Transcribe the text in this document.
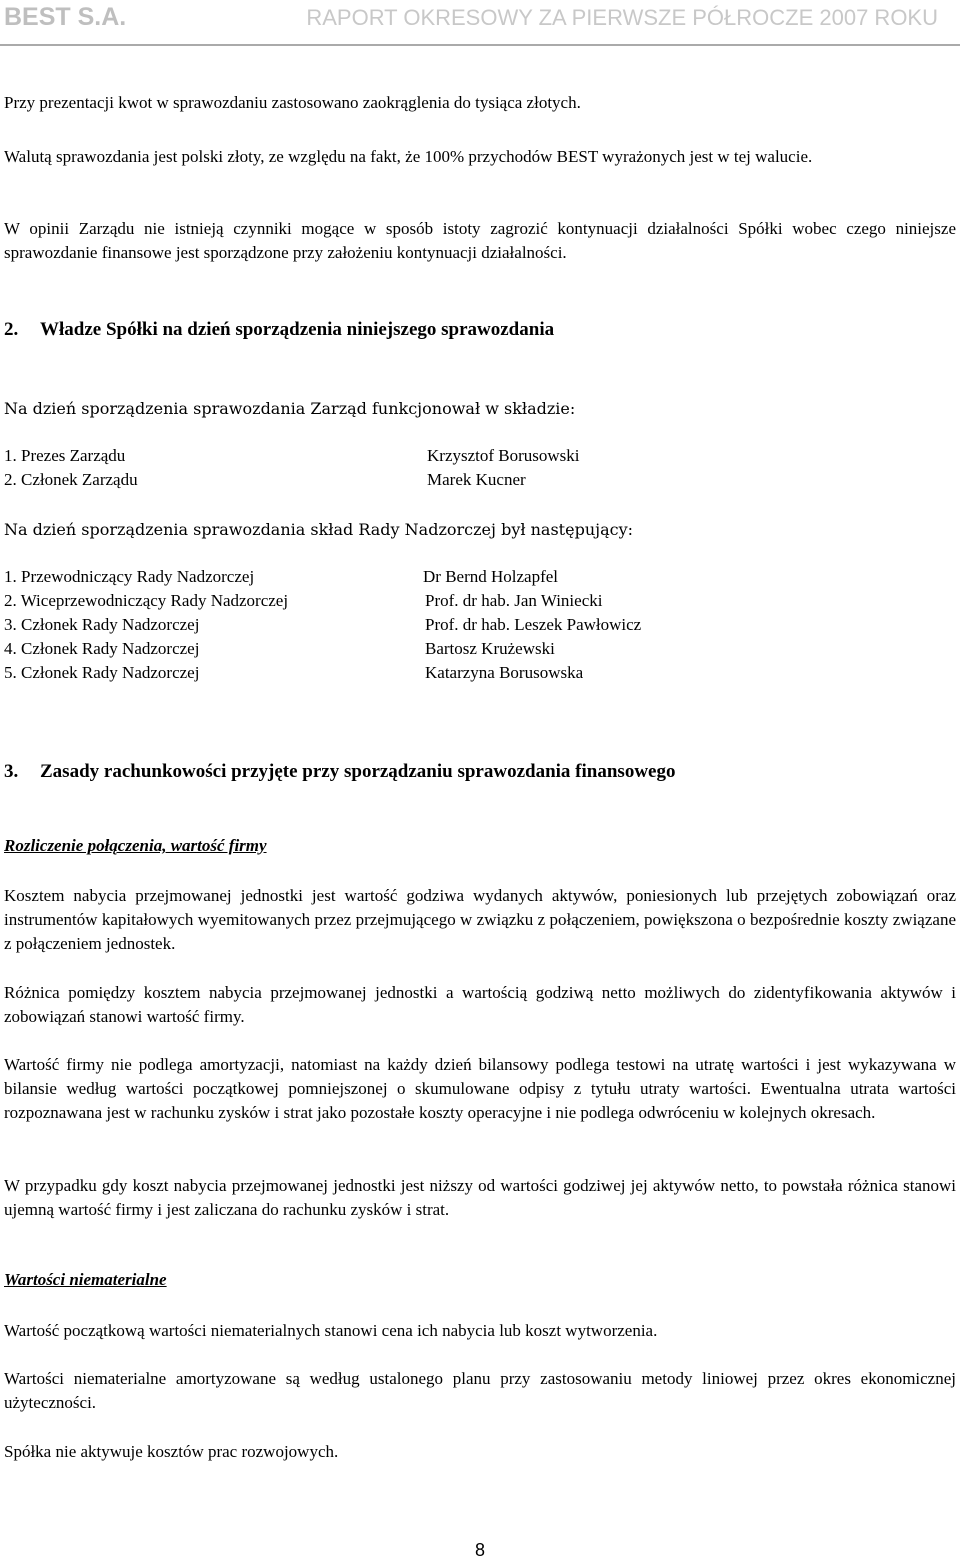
BEST S.A.	RAPORT OKRESOWY ZA PIERWSZE PÓŁROCZE 2007 ROKU

Przy prezentacji kwot w sprawozdaniu zastosowano zaokrąglenia do tysiąca złotych.

Walutą sprawozdania jest polski złoty, ze względu na fakt, że 100% przychodów BEST wyrażonych jest w tej walucie.

W opinii Zarządu nie istnieją czynniki mogące w sposób istoty zagrozić kontynuacji działalności Spółki wobec czego niniejsze sprawozdanie finansowe jest sporządzone przy założeniu kontynuacji działalności.

2. Władze Spółki na dzień sporządzenia niniejszego sprawozdania

Na dzień sporządzenia sprawozdania Zarząd funkcjonował w składzie:

1. Prezes Zarządu	Krzysztof Borusowski
2. Członek Zarządu	Marek Kucner

Na dzień sporządzenia sprawozdania skład Rady Nadzorczej był następujący:

1. Przewodniczący Rady Nadzorczej	Dr Bernd Holzapfel
2. Wiceprzewodniczący Rady Nadzorczej	Prof. dr hab. Jan Winiecki
3. Członek Rady Nadzorczej	Prof. dr hab. Leszek Pawłowicz
4. Członek Rady Nadzorczej	Bartosz Krużewski
5. Członek Rady Nadzorczej	Katarzyna Borusowska
3. Zasady rachunkowości przyjęte przy sporządzaniu sprawozdania finansowego
Rozliczenie połączenia, wartość firmy

Kosztem nabycia przejmowanej jednostki jest wartość godziwa wydanych aktywów, poniesionych lub przejętych zobowiązań oraz instrumentów kapitałowych wyemitowanych przez przejmującego w związku z połączeniem, powiększona o bezpośrednie koszty związane z połączeniem jednostek.

Różnica pomiędzy kosztem nabycia przejmowanej jednostki a wartością godziwą netto możliwych do zidentyfikowania aktywów i zobowiązań stanowi wartość firmy.

Wartość firmy nie podlega amortyzacji, natomiast na każdy dzień bilansowy podlega testowi na utratę wartości i jest wykazywana w bilansie według wartości początkowej pomniejszonej o skumulowane odpisy z tytułu utraty wartości. Ewentualna utrata wartości rozpoznawana jest w rachunku zysków i strat jako pozostałe koszty operacyjne i nie podlega odwróceniu w kolejnych okresach.

W przypadku gdy koszt nabycia przejmowanej jednostki jest niższy od wartości godziwej jej aktywów netto, to powstała różnica stanowi ujemną wartość firmy i jest zaliczana do rachunku zysków i strat.

Wartości niematerialne

Wartość początkową wartości niematerialnych stanowi cena ich nabycia lub koszt wytworzenia.

Wartości niematerialne amortyzowane są według ustalonego planu przy zastosowaniu metody liniowej przez okres ekonomicznej użyteczności.

Spółka nie aktywuje kosztów prac rozwojowych.

8
